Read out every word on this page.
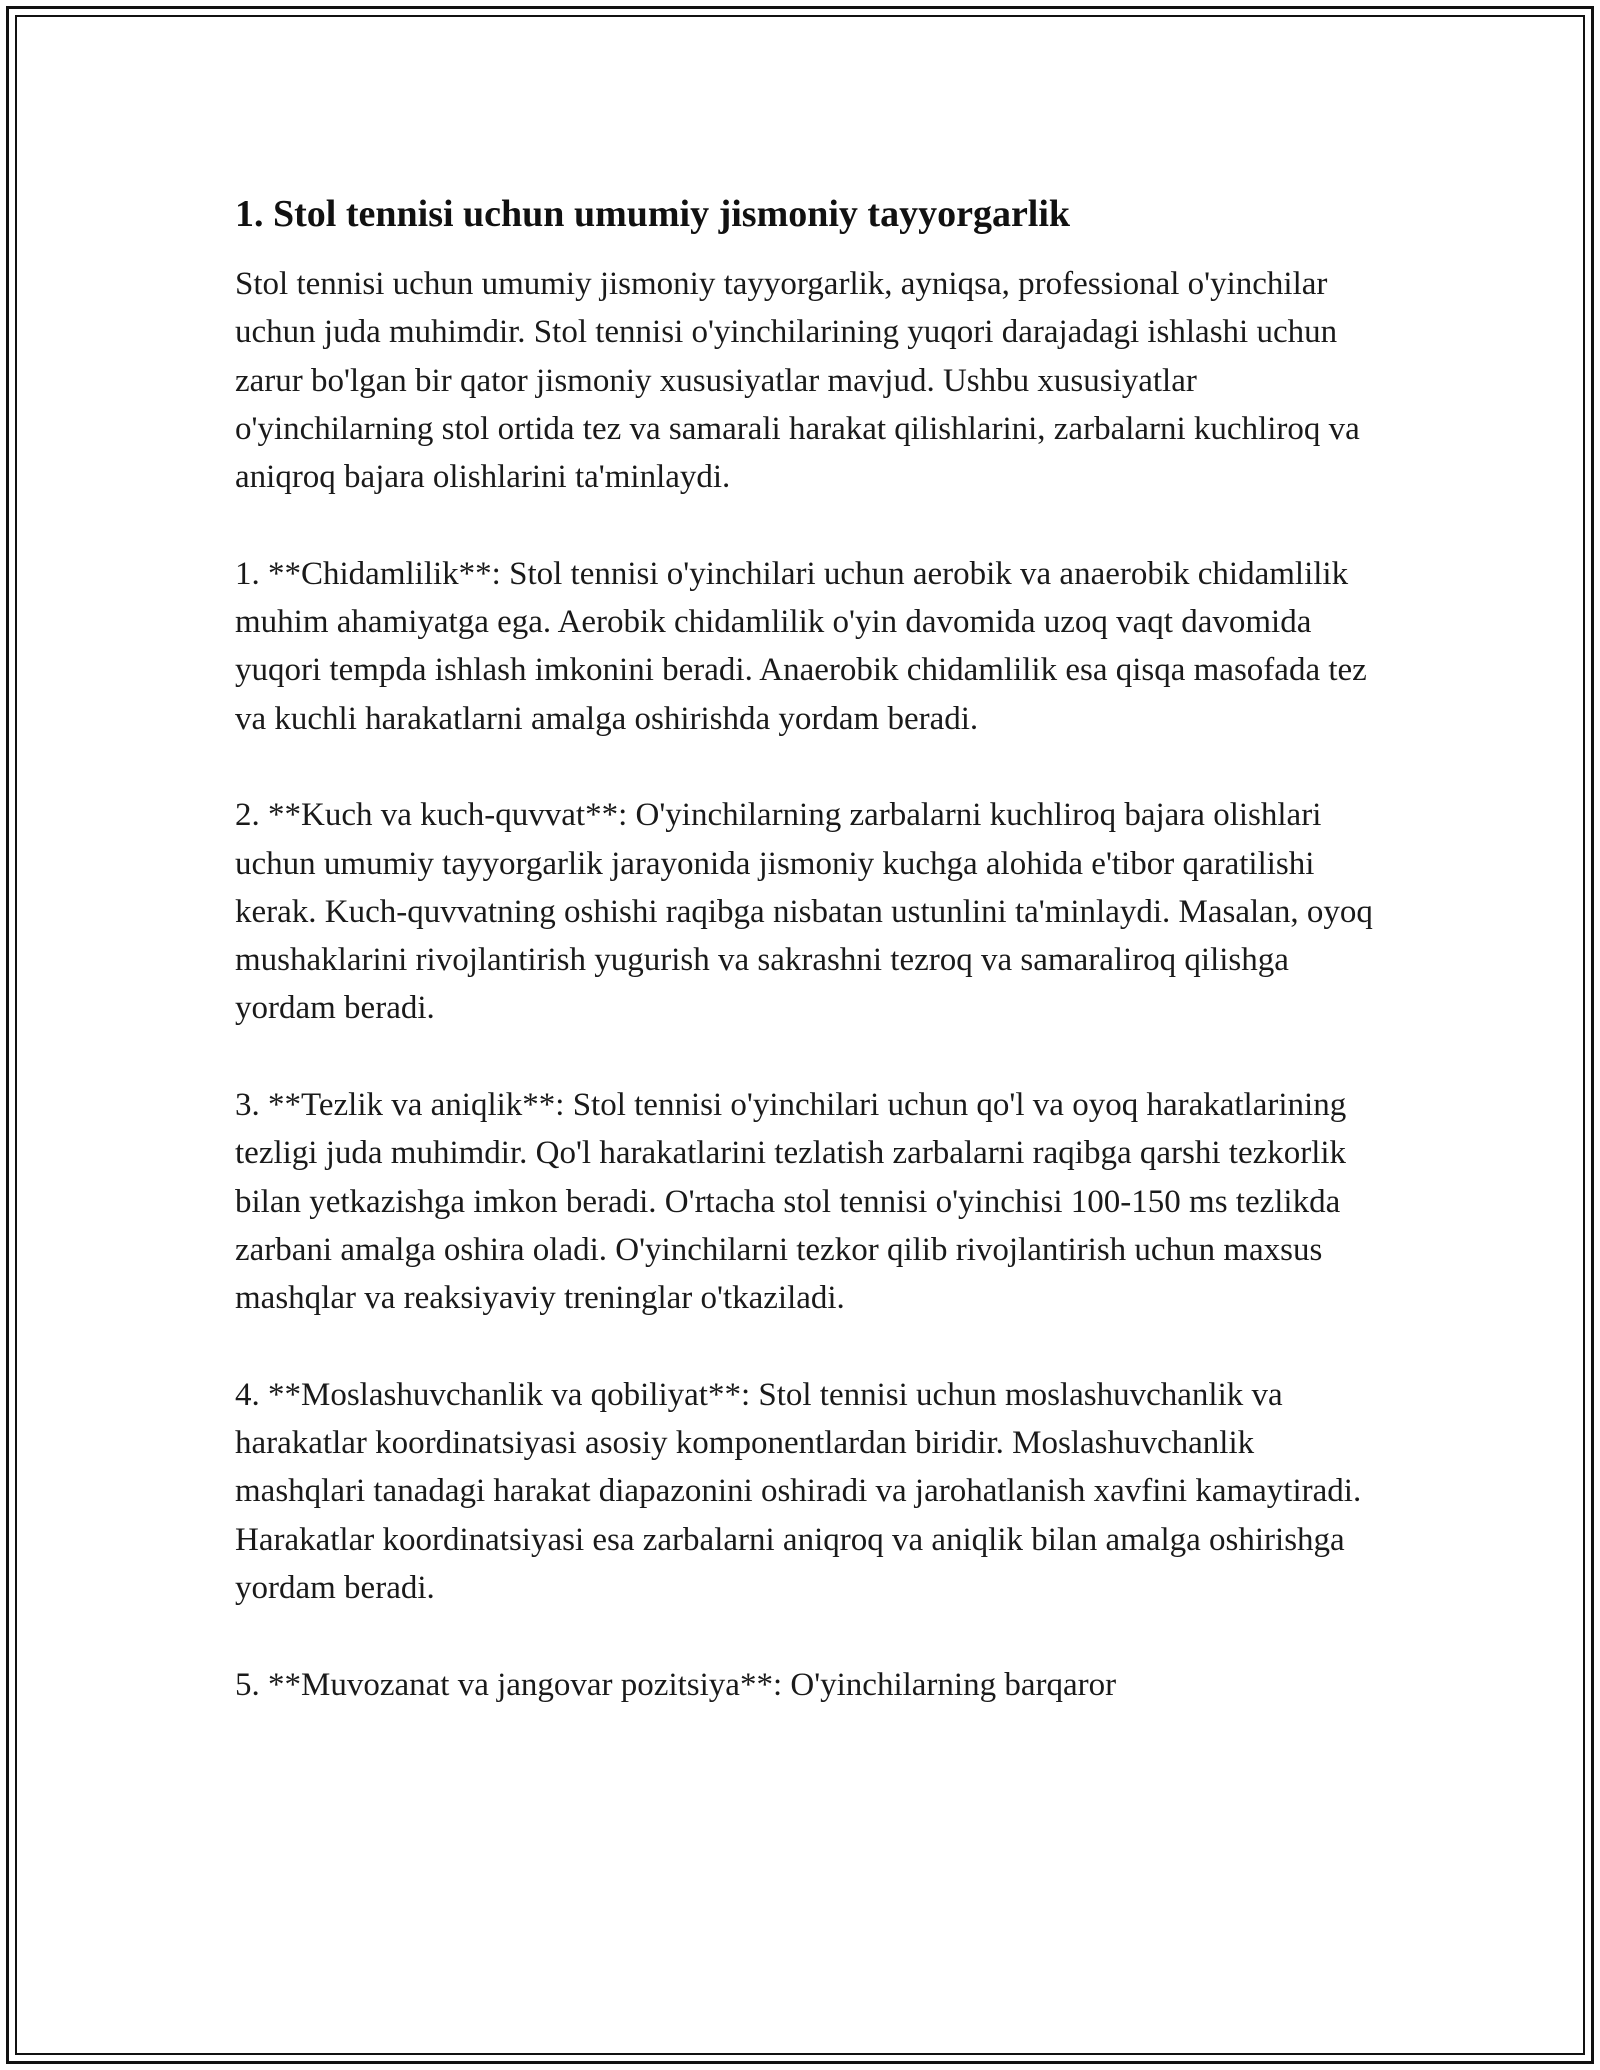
1. Stol tennisi uchun umumiy jismoniy tayyorgarlik

Stol tennisi uchun umumiy jismoniy tayyorgarlik, ayniqsa, professional o'yinchilar uchun juda muhimdir. Stol tennisi o'yinchilarining yuqori darajadagi ishlashi uchun zarur bo'lgan bir qator jismoniy xususiyatlar mavjud. Ushbu xususiyatlar o'yinchilarning stol ortida tez va samarali harakat qilishlarini, zarbalarni kuchliroq va aniqroq bajara olishlarini ta'minlaydi.

1. **Chidamlilik**: Stol tennisi o'yinchilari uchun aerobik va anaerobik chidamlilik muhim ahamiyatga ega. Aerobik chidamlilik o'yin davomida uzoq vaqt davomida yuqori tempda ishlash imkonini beradi. Anaerobik chidamlilik esa qisqa masofada tez va kuchli harakatlarni amalga oshirishda yordam beradi.

2. **Kuch va kuch-quvvat**: O'yinchilarning zarbalarni kuchliroq bajara olishlari uchun umumiy tayyorgarlik jarayonida jismoniy kuchga alohida e'tibor qaratilishi kerak. Kuch-quvvatning oshishi raqibga nisbatan ustunlini ta'minlaydi. Masalan, oyoq mushaklarini rivojlantirish yugurish va sakrashni tezroq va samaraliroq qilishga yordam beradi.

3. **Tezlik va aniqlik**: Stol tennisi o'yinchilari uchun qo'l va oyoq harakatlarining tezligi juda muhimdir. Qo'l harakatlarini tezlatish zarbalarni raqibga qarshi tezkorlik bilan yetkazishga imkon beradi. O'rtacha stol tennisi o'yinchisi 100-150 ms tezlikda zarbani amalga oshira oladi. O'yinchilarni tezkor qilib rivojlantirish uchun maxsus mashqlar va reaksiyaviy treninglar o'tkaziladi.

4. **Moslashuvchanlik va qobiliyat**: Stol tennisi uchun moslashuvchanlik va harakatlar koordinatsiyasi asosiy komponentlardan biridir. Moslashuvchanlik mashqlari tanadagi harakat diapazonini oshiradi va jarohatlanish xavfini kamaytiradi. Harakatlar koordinatsiyasi esa zarbalarni aniqroq va aniqlik bilan amalga oshirishga yordam beradi.

5. **Muvozanat va jangovar pozitsiya**: O'yinchilarning barqaror
